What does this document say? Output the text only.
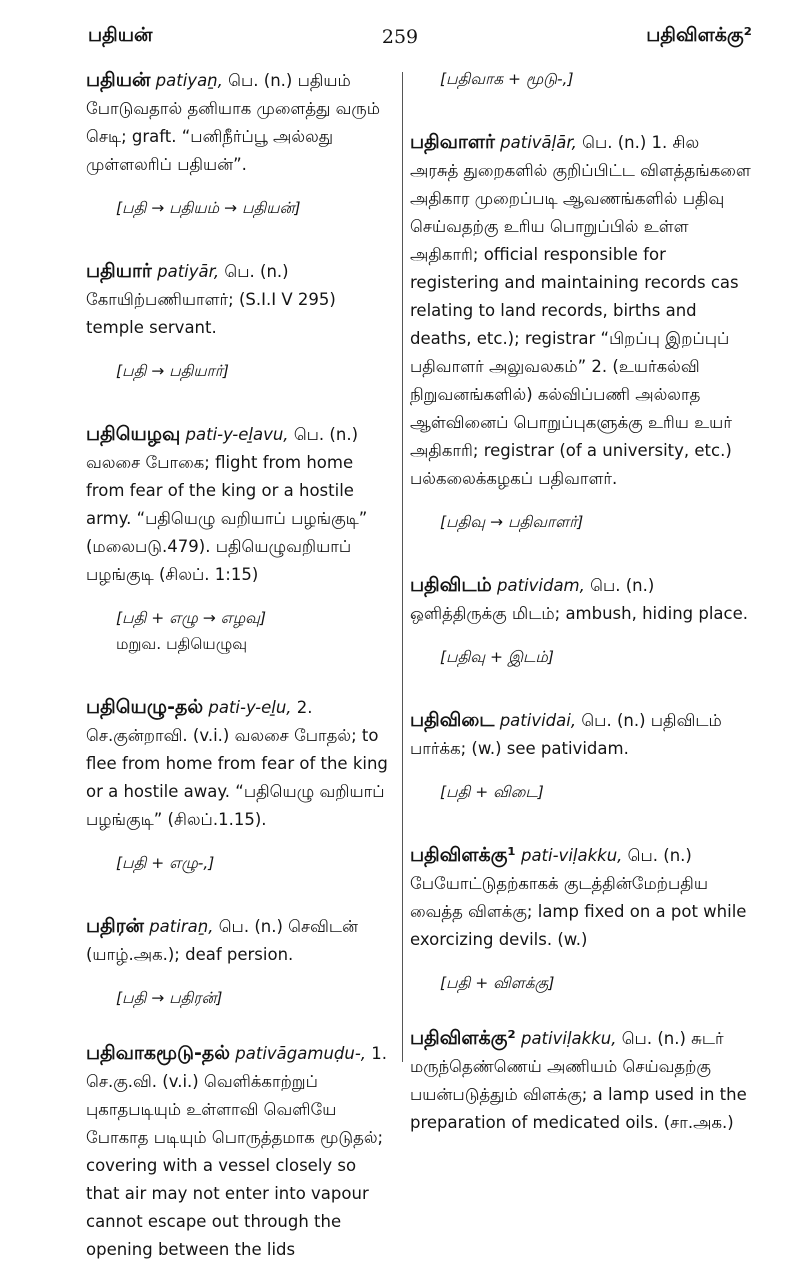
பதியன்	259	பதிவிளக்கு²

பதியன் patiyaṉ, பெ. (n.) பதியம் போடுவதால் தனியாக முளைத்து வரும் செடி; graft. “பனிநீர்ப்பூ அல்லது முள்ளலரிப் பதியன்”.

[பதி → பதியம் → பதியன்]

பதியார் patiyār, பெ. (n.) கோயிற்பணியாளர்; (S.I.I V 295) temple servant.

[பதி → பதியார்]

பதியெழவு pati-y-eḻavu, பெ. (n.) வலசை போகை; flight from home from fear of the king or a hostile army. “பதியெழு வறியாப் பழங்குடி” (மலைபடு.479). பதியெழுவறியாப் பழங்குடி (சிலப். 1:15)

[பதி + எழு → எழவு]

மறுவ. பதியெழுவு

பதியெழு-தல் pati-y-eḻu, 2. செ.குன்றாவி. (v.i.) வலசை போதல்; to flee from home from fear of the king or a hostile away. “பதியெழு வறியாப் பழங்குடி” (சிலப்.1.15).

[பதி + எழு-,]

பதிரன் patiraṉ, பெ. (n.) செவிடன் (யாழ்.அக.); deaf persion.

[பதி → பதிரன்]

பதிவாகமூடு-தல் pativāgamuḍu-, 1. செ.கு.வி. (v.i.) வெளிக்காற்றுப் புகாதபடியும் உள்ளாவி வெளியே போகாத படியும் பொருத்தமாக மூடுதல்; covering with a vessel closely so that air may not enter into vapour cannot escape out through the opening between the lids

[பதிவாக + மூடு-,]

பதிவாளர் pativāḷār, பெ. (n.) 1. சில அரசுத் துறைகளில் குறிப்பிட்ட விளத்தங்களை அதிகார முறைப்படி ஆவணங்களில் பதிவு செய்வதற்கு உரிய பொறுப்பில் உள்ள அதிகாரி; official responsible for registering and maintaining records cas relating to land records, births and deaths, etc.); registrar “பிறப்பு இறப்புப் பதிவாளர் அலுவலகம்” 2. (உயர்கல்வி நிறுவனங்களில்) கல்விப்பணி அல்லாத ஆள்வினைப் பொறுப்புகளுக்கு உரிய உயர் அதிகாரி; registrar (of a university, etc.) பல்கலைக்கழகப் பதிவாளர்.

[பதிவு → பதிவாளர்]

பதிவிடம் patividam, பெ. (n.) ஒளித்திருக்கு மிடம்; ambush, hiding place.

[பதிவு + இடம்]

பதிவிடை patividai, பெ. (n.) பதிவிடம் பார்க்க; (w.) see patividam.

[பதி + விடை]

பதிவிளக்கு¹ pati-viḷakku, பெ. (n.) பேயோட்டுதற்காகக் குடத்தின்மேற்பதிய வைத்த விளக்கு; lamp fixed on a pot while exorcizing devils. (w.)

[பதி + விளக்கு]

பதிவிளக்கு² pativiḷakku, பெ. (n.) சுடர் மருந்தெண்ணெய் அணியம் செய்வதற்கு பயன்படுத்தும் விளக்கு; a lamp used in the preparation of medicated oils. (சா.அக.)
